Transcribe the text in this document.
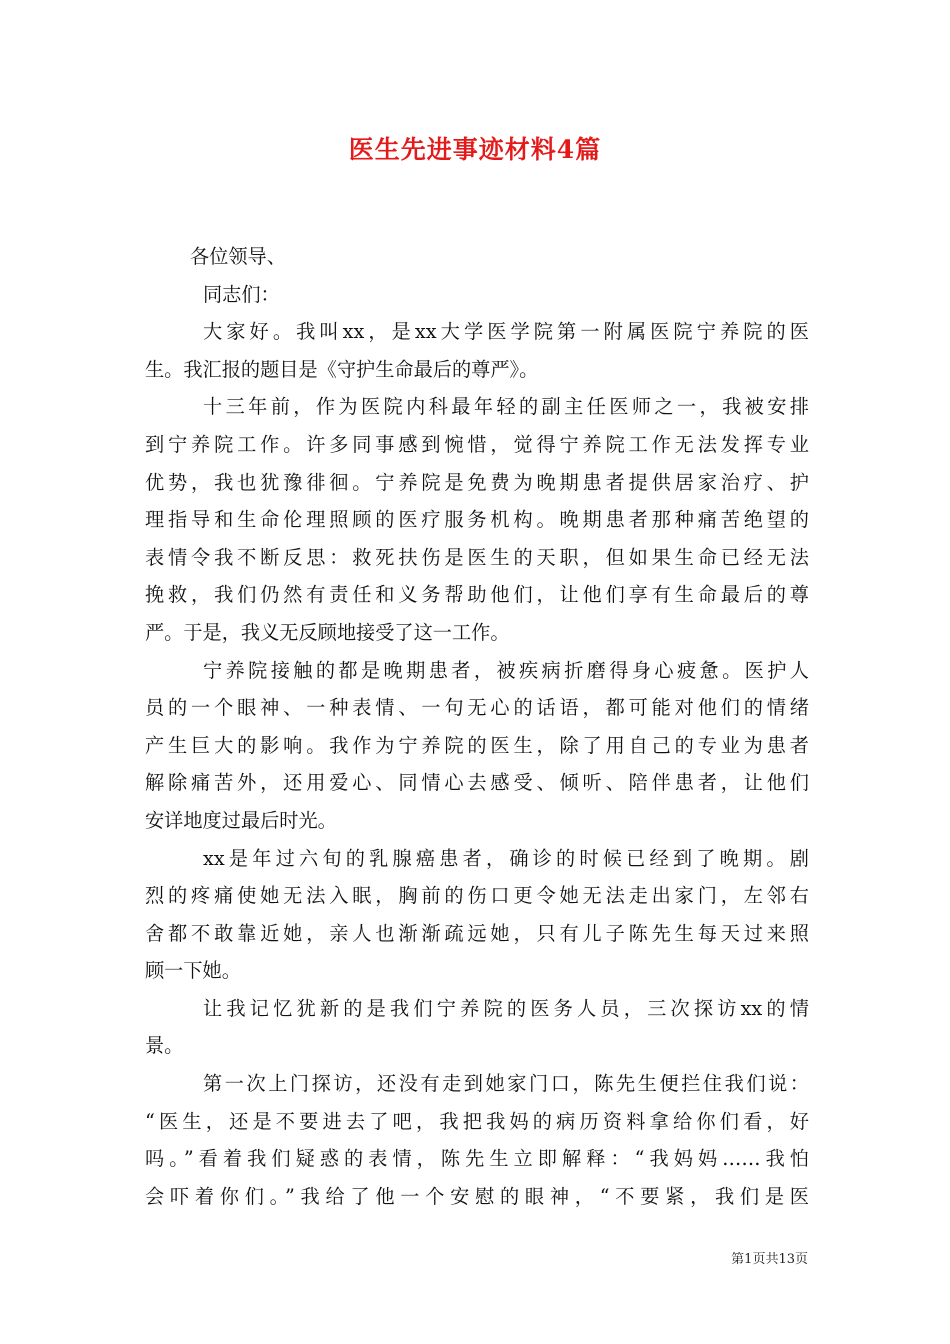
医生先进事迹材料4篇
各位领导、
同志们：
大家好。我叫xx，是xx大学医学院第一附属医院宁养院的医
生。我汇报的题目是《守护生命最后的尊严》。
十三年前，作为医院内科最年轻的副主任医师之一，我被安排
到宁养院工作。许多同事感到惋惜，觉得宁养院工作无法发挥专业
优势，我也犹豫徘徊。宁养院是免费为晚期患者提供居家治疗、护
理指导和生命伦理照顾的医疗服务机构。晚期患者那种痛苦绝望的
表情令我不断反思：救死扶伤是医生的天职，但如果生命已经无法
挽救，我们仍然有责任和义务帮助他们，让他们享有生命最后的尊
严。于是，我义无反顾地接受了这一工作。
宁养院接触的都是晚期患者，被疾病折磨得身心疲惫。医护人
员的一个眼神、一种表情、一句无心的话语，都可能对他们的情绪
产生巨大的影响。我作为宁养院的医生，除了用自己的专业为患者
解除痛苦外，还用爱心、同情心去感受、倾听、陪伴患者，让他们
安详地度过最后时光。
xx是年过六旬的乳腺癌患者，确诊的时候已经到了晚期。剧
烈的疼痛使她无法入眠，胸前的伤口更令她无法走出家门，左邻右
舍都不敢靠近她，亲人也渐渐疏远她，只有儿子陈先生每天过来照
顾一下她。
让我记忆犹新的是我们宁养院的医务人员，三次探访xx的情
景。
第一次上门探访，还没有走到她家门口，陈先生便拦住我们说：
“医生，还是不要进去了吧，我把我妈的病历资料拿给你们看，好
吗。”看着我们疑惑的表情，陈先生立即解释：“我妈妈……我怕
会吓着你们。”我给了他一个安慰的眼神，“不要紧，我们是医
第1页共13页
